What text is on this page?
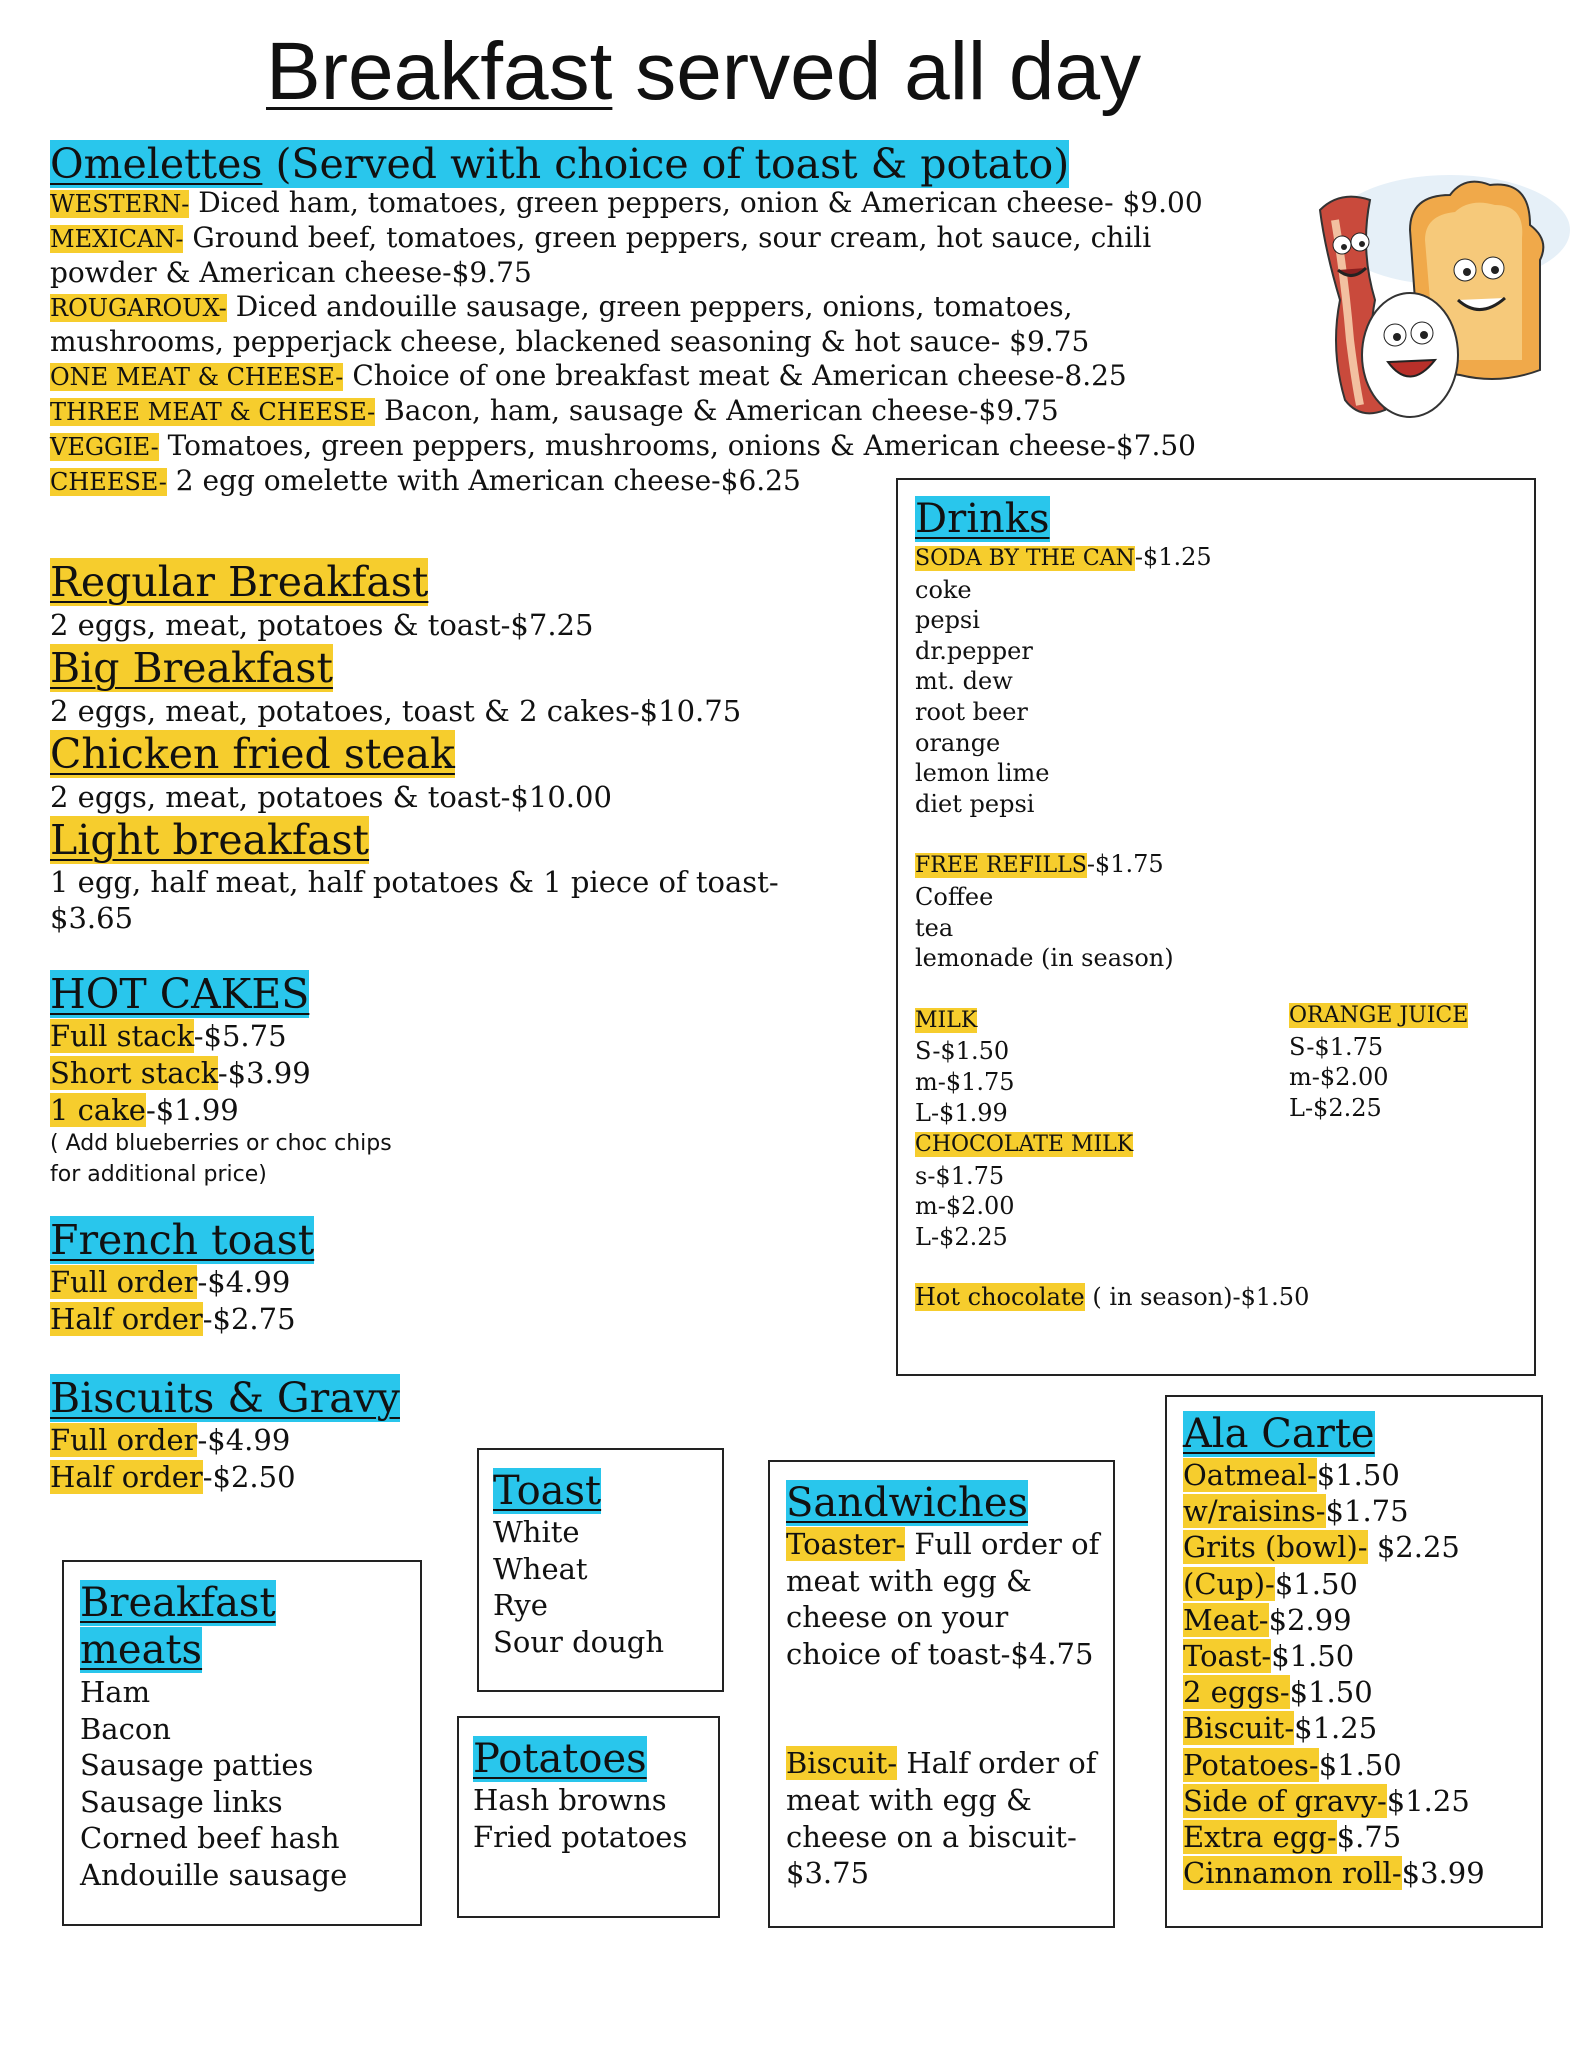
Breakfast served all day
Omelettes (Served with choice of toast & potato)
WESTERN- Diced ham, tomatoes, green peppers, onion & American cheese- $9.00
MEXICAN- Ground beef, tomatoes, green peppers, sour cream, hot sauce, chili
powder & American cheese-$9.75
ROUGAROUX- Diced andouille sausage, green peppers, onions, tomatoes,
mushrooms, pepperjack cheese, blackened seasoning & hot sauce- $9.75
ONE MEAT & CHEESE- Choice of one breakfast meat & American cheese-8.25
THREE MEAT & CHEESE- Bacon, ham, sausage & American cheese-$9.75
VEGGIE- Tomatoes, green peppers, mushrooms, onions & American cheese-$7.50
CHEESE- 2 egg omelette with American cheese-$6.25
Regular Breakfast
2 eggs, meat, potatoes & toast-$7.25
Big Breakfast
2 eggs, meat, potatoes, toast & 2 cakes-$10.75
Chicken fried steak
2 eggs, meat, potatoes & toast-$10.00
Light breakfast
1 egg, half meat, half potatoes & 1 piece of toast-
$3.65
HOT CAKES
Full stack-$5.75
Short stack-$3.99
1 cake-$1.99
( Add blueberries or choc chips
for additional price)
French toast
Full order-$4.99
Half order-$2.75
Biscuits & Gravy
Full order-$4.99
Half order-$2.50
Drinks
SODA BY THE CAN-$1.25
coke
pepsi
dr.pepper
mt. dew
root beer
orange
lemon lime
diet pepsi
FREE REFILLS-$1.75
Coffee
tea
lemonade (in season)
MILK
S-$1.50
m-$1.75
L-$1.99
CHOCOLATE MILK
s-$1.75
m-$2.00
L-$2.25
Hot chocolate ( in season)-$1.50
ORANGE JUICE
S-$1.75
m-$2.00
L-$2.25
Breakfast
meats
Ham
Bacon
Sausage patties
Sausage links
Corned beef hash
Andouille sausage
Toast
White
Wheat
Rye
Sour dough
Potatoes
Hash browns
Fried potatoes
Sandwiches
Toaster- Full order of
meat with egg &
cheese on your
choice of toast-$4.75
Biscuit- Half order of
meat with egg &
cheese on a biscuit-
$3.75
Ala Carte
Oatmeal-$1.50
w/raisins-$1.75
Grits (bowl)- $2.25
(Cup)-$1.50
Meat-$2.99
Toast-$1.50
2 eggs-$1.50
Biscuit-$1.25
Potatoes-$1.50
Side of gravy-$1.25
Extra egg-$.75
Cinnamon roll-$3.99
